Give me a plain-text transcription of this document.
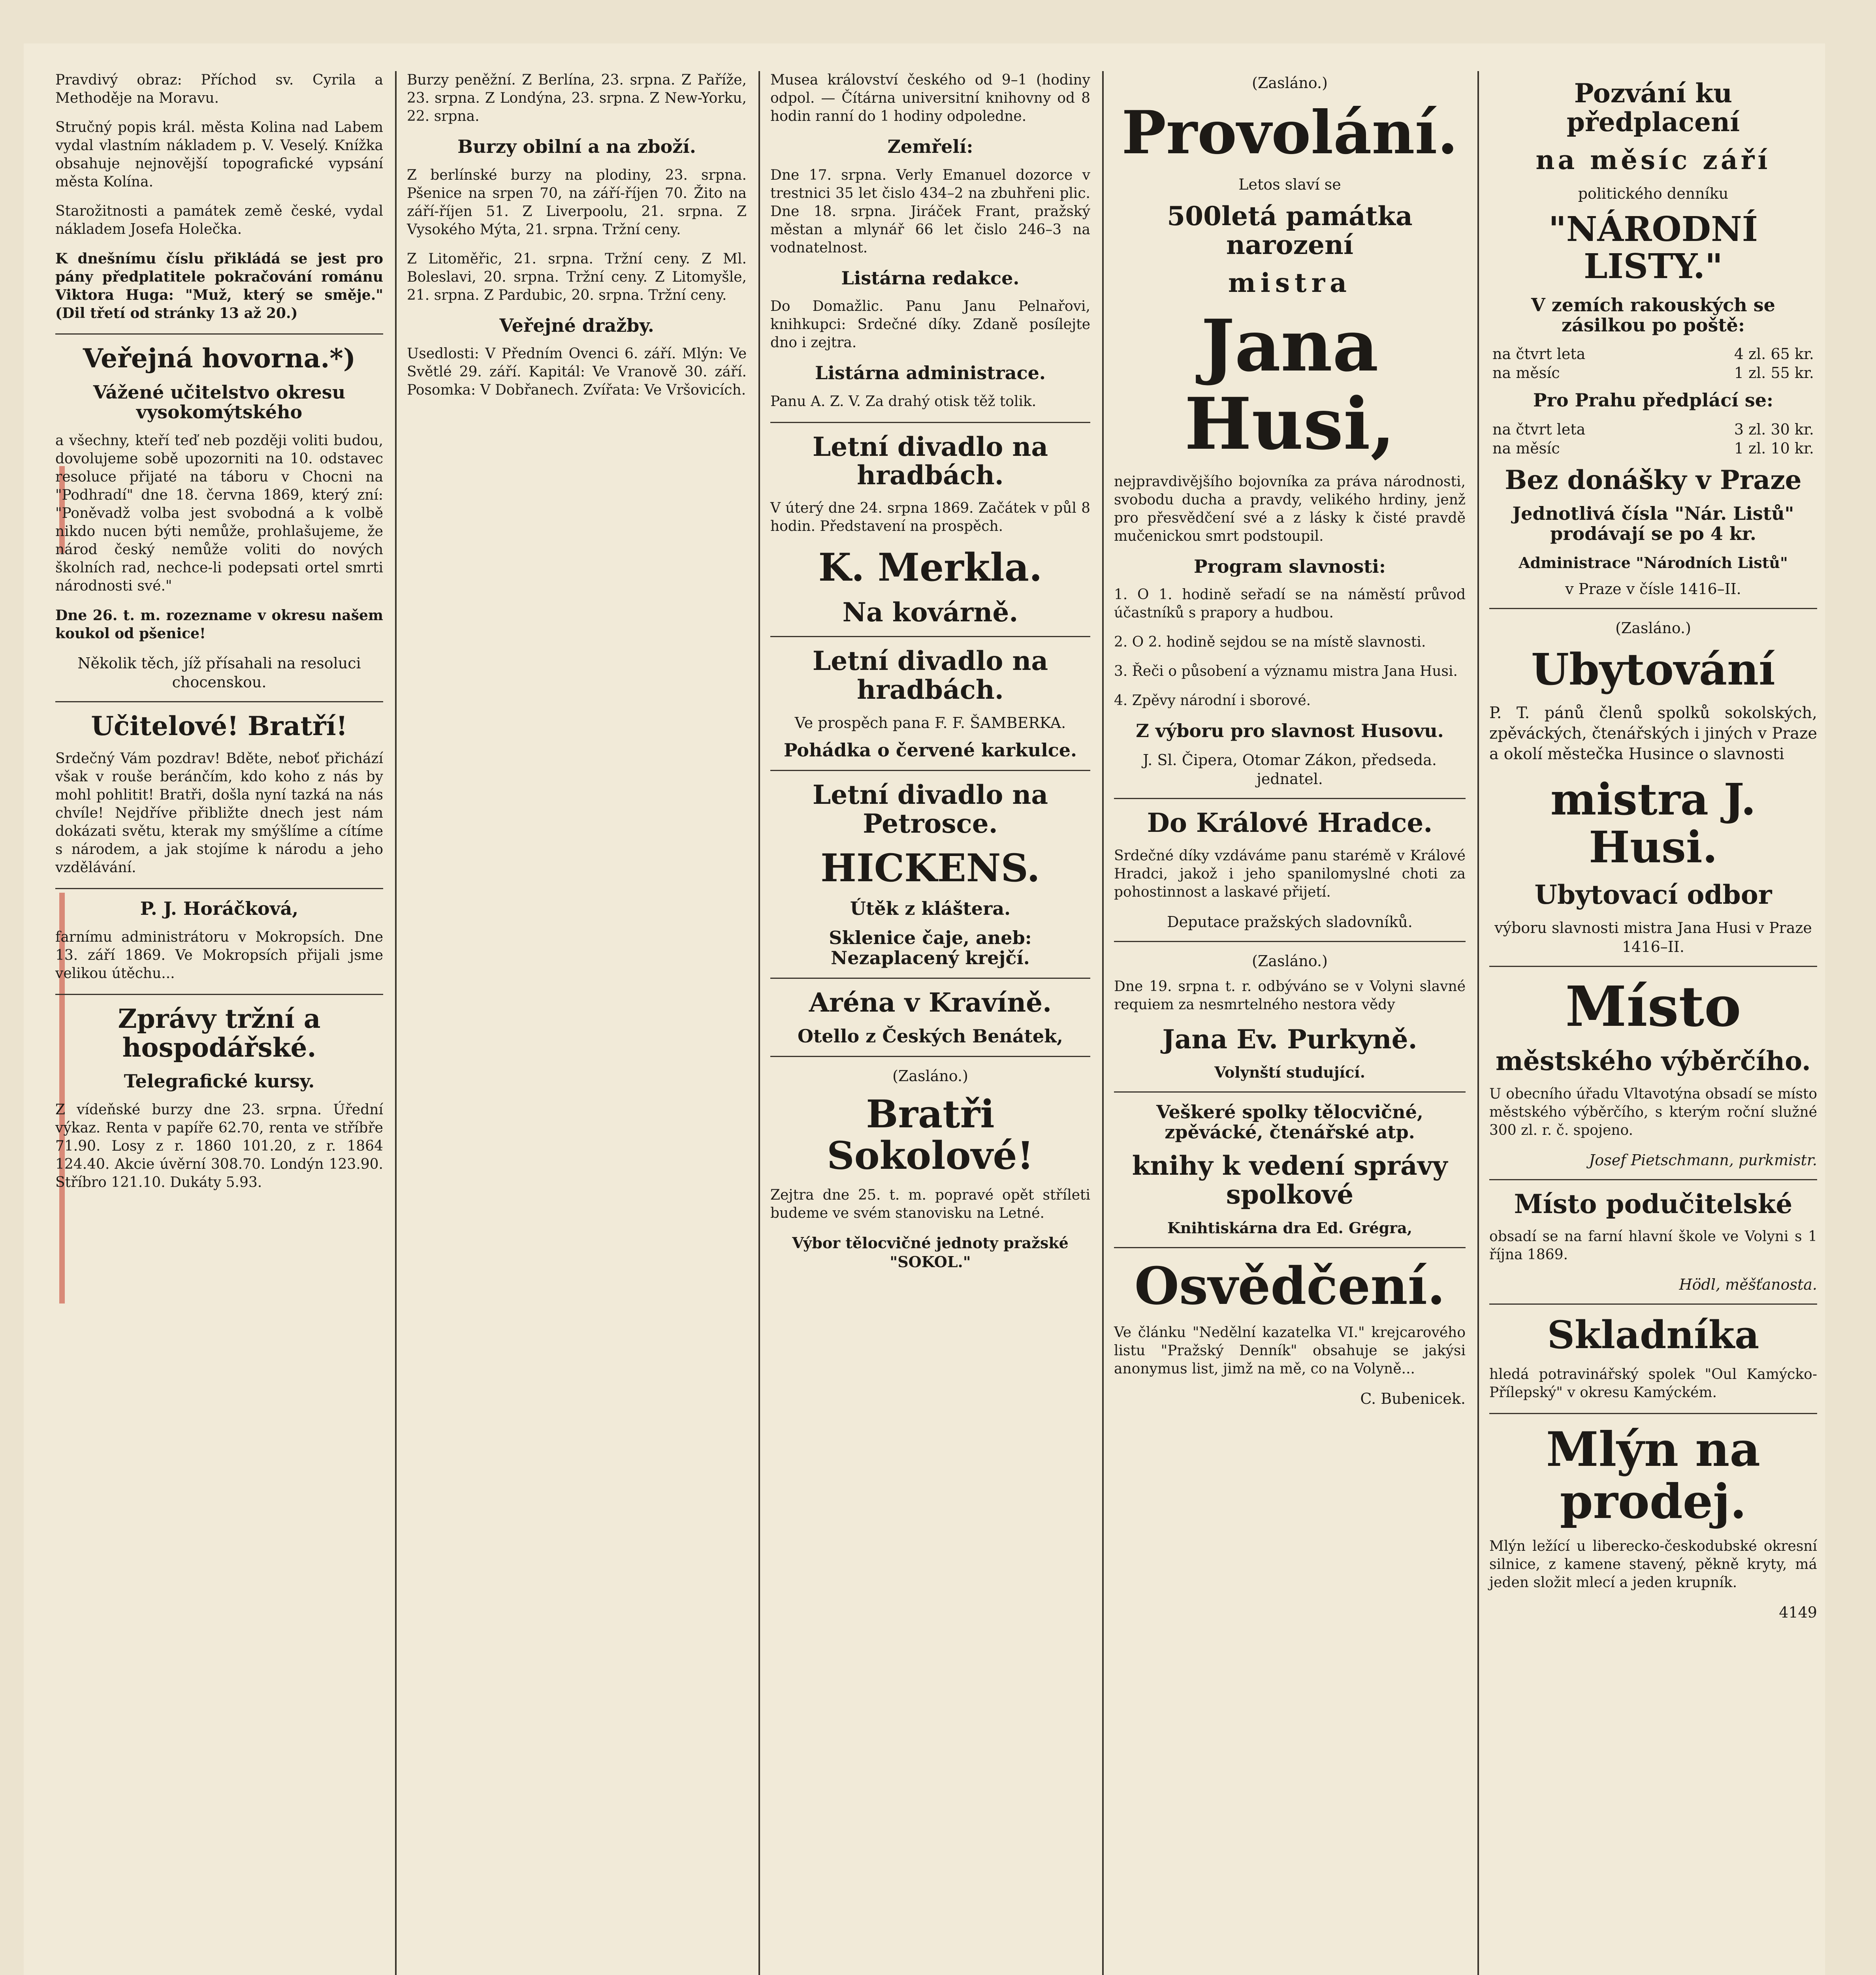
Pravdivý obraz: Příchod sv. Cyrila a Methoděje na Moravu.

Stručný popis král. města Kolina nad Labem vydal vlastním nákladem p. V. Veselý. Knížka obsahuje nejnovější topografické vypsání města Kolína.

Starožitnosti a památek země české, vydal nákladem Josefa Holečka.

K dnešnímu číslu přikládá se jest pro pány předplatitele pokračování románu Viktora Huga: "Muž, který se směje." (Dil třetí od stránky 13 až 20.)

Veřejná hovorna.*)
Vážené učitelstvo okresu vysokomýtského

a všechny, kteří teď neb později voliti budou, dovolujeme sobě upozorniti na 10. odstavec resoluce přijaté na táboru v Chocni na "Podhradí" dne 18. června 1869, který zní: "Poněvadž volba jest svobodná a k volbě nikdo nucen býti nemůže, prohlašujeme, že národ český nemůže voliti do nových školních rad, nechce-li podepsati ortel smrti národnosti své."

Dne 26. t. m. rozezname v okresu našem koukol od pšenice!

Několik těch, jíž přísahali na resoluci chocenskou.
Učitelové! Bratří!

Srdečný Vám pozdrav! Bděte, neboť přichází však v rouše beránčím, kdo koho z nás by mohl pohlitit! Bratři, došla nyní tazká na nás chvíle! Nejdříve přibližte dnech jest nám dokázati světu, kterak my smýšlíme a cítíme s národem, a jak stojíme k národu a jeho vzdělávání.

P. J. Horáčková,

farnímu administrátoru v Mokropsích. Dne 13. září 1869. Ve Mokropsích přijali jsme velikou útěchu...

Zprávy tržní a hospodářské.
Telegrafické kursy.

Z vídeňské burzy dne 23. srpna. Úřední výkaz. Renta v papíře 62.70, renta ve stříbře 71.90. Losy z r. 1860 101.20, z r. 1864 124.40. Akcie úvěrní 308.70. Londýn 123.90. Stříbro 121.10. Dukáty 5.93.

Burzy peněžní. Z Berlína, 23. srpna. Z Paříže, 23. srpna. Z Londýna, 23. srpna. Z New-Yorku, 22. srpna.

Burzy obilní a na zboží.

Z berlínské burzy na plodiny, 23. srpna. Pšenice na srpen 70, na září-říjen 70. Žito na září-říjen 51. Z Liverpoolu, 21. srpna. Z Vysokého Mýta, 21. srpna. Tržní ceny.

Z Litoměřic, 21. srpna. Tržní ceny. Z Ml. Boleslavi, 20. srpna. Tržní ceny. Z Litomyšle, 21. srpna. Z Pardubic, 20. srpna. Tržní ceny.

Veřejné dražby.

Usedlosti: V Předním Ovenci 6. září. Mlýn: Ve Světlé 29. září. Kapitál: Ve Vranově 30. září. Posomka: V Dobřanech. Zvířata: Ve Vršovicích.

Musea království českého od 9–1 (hodiny odpol. — Čítárna universitní knihovny od 8 hodin ranní do 1 hodiny odpoledne.

Zemřelí:

Dne 17. srpna. Verly Emanuel dozorce v trestnici 35 let čislo 434–2 na zbuhřeni plic. Dne 18. srpna. Jiráček Frant, pražský městan a mlynář 66 let čislo 246–3 na vodnatelnost.

Listárna redakce.

Do Domažlic. Panu Janu Pelnařovi, knihkupci: Srdečné díky. Zdaně posílejte dno i zejtra.

Listárna administrace.

Panu A. Z. V. Za drahý otisk těž tolik.

Letní divadlo na hradbách.

V úterý dne 24. srpna 1869. Začátek v půl 8 hodin. Představení na prospěch.

K. Merkla.
Na kovárně.
Letní divadlo na hradbách.
Ve prospěch pana F. F. ŠAMBERKA.
Pohádka o červené karkulce.
Letní divadlo na Petrosce.
HICKENS.
Útěk z kláštera.
Sklenice čaje, aneb: Nezaplacený krejčí.
Aréna v Kravíně.
Otello z Českých Benátek,
(Zasláno.)
Bratři Sokolové!

Zejtra dne 25. t. m. popravé opět stříleti budeme ve svém stanovisku na Letné.

Výbor tělocvičné jednoty pražské "SOKOL."
(Zasláno.)
Provolání.
Letos slaví se
500letá památka narození
mistra
Jana Husi,

nejpravdivějšího bojovníka za práva národnosti, svobodu ducha a pravdy, velikého hrdiny, jenž pro přesvědčení své a z lásky k čisté pravdě mučenickou smrt podstoupil.

Program slavnosti:

1. O 1. hodině seřadí se na náměstí průvod účastníků s prapory a hudbou.

2. O 2. hodině sejdou se na místě slavnosti.

3. Řeči o působení a významu mistra Jana Husi.

4. Zpěvy národní i sborové.

Z výboru pro slavnost Husovu.
J. Sl. Čipera, Otomar Zákon, předseda. jednatel.
Do Králové Hradce.

Srdečné díky vzdáváme panu starémě v Králové Hradci, jakož i jeho spanilomyslné choti za pohostinnost a laskavé přijetí.

Deputace pražských sladovníků.
(Zasláno.)

Dne 19. srpna t. r. odbýváno se v Volyni slavné requiem za nesmrtelného nestora vědy

Jana Ev. Purkyně.
Volynští studující.
Veškeré spolky tělocvičné, zpěvácké, čtenářské atp.
knihy k vedení správy spolkové
Knihtiskárna dra Ed. Grégra,
Osvědčení.

Ve článku "Nedělní kazatelka VI." krejcarového listu "Pražský Denník" obsahuje se jakýsi anonymus list, jimž na mě, co na Volyně...

C. Bubenicek.
Pozvání ku předplacení
na měsíc září
politického denníku
"NÁRODNÍ LISTY."
V zemích rakouských se zásilkou po poště:
na čtvrt leta	4 zl. 65 kr.
na měsíc	1 zl. 55 kr.
Pro Prahu předplácí se:
na čtvrt leta	3 zl. 30 kr.
na měsíc	1 zl. 10 kr.
Bez donášky v Praze
Jednotlivá čísla "Nár. Listů" prodávají se po 4 kr.
Administrace "Národních Listů"
v Praze v čísle 1416–II.
(Zasláno.)
Ubytování

P. T. pánů členů spolků sokolských, zpěváckých, čtenářských i jiných v Praze a okolí městečka Husince o slavnosti

mistra J. Husi.
Ubytovací odbor
výboru slavnosti mistra Jana Husi v Praze 1416–II.
Místo
městského výběrčího.

U obecního úřadu Vltavotýna obsadí se místo městského výběrčího, s kterým roční služné 300 zl. r. č. spojeno.

Josef Pietschmann, purkmistr.
Místo podučitelské

obsadí se na farní hlavní škole ve Volyni s 1 října 1869.

Hödl, měšťanosta.
Skladníka

hledá potravinářský spolek "Oul Kamýcko-Přílepský" v okresu Kamýckém.

Mlýn na prodej.

Mlýn ležící u liberecko-českodubské okresní silnice, z kamene stavený, pěkně kryty, má jeden složit mlecí a jeden krupník.

4149
